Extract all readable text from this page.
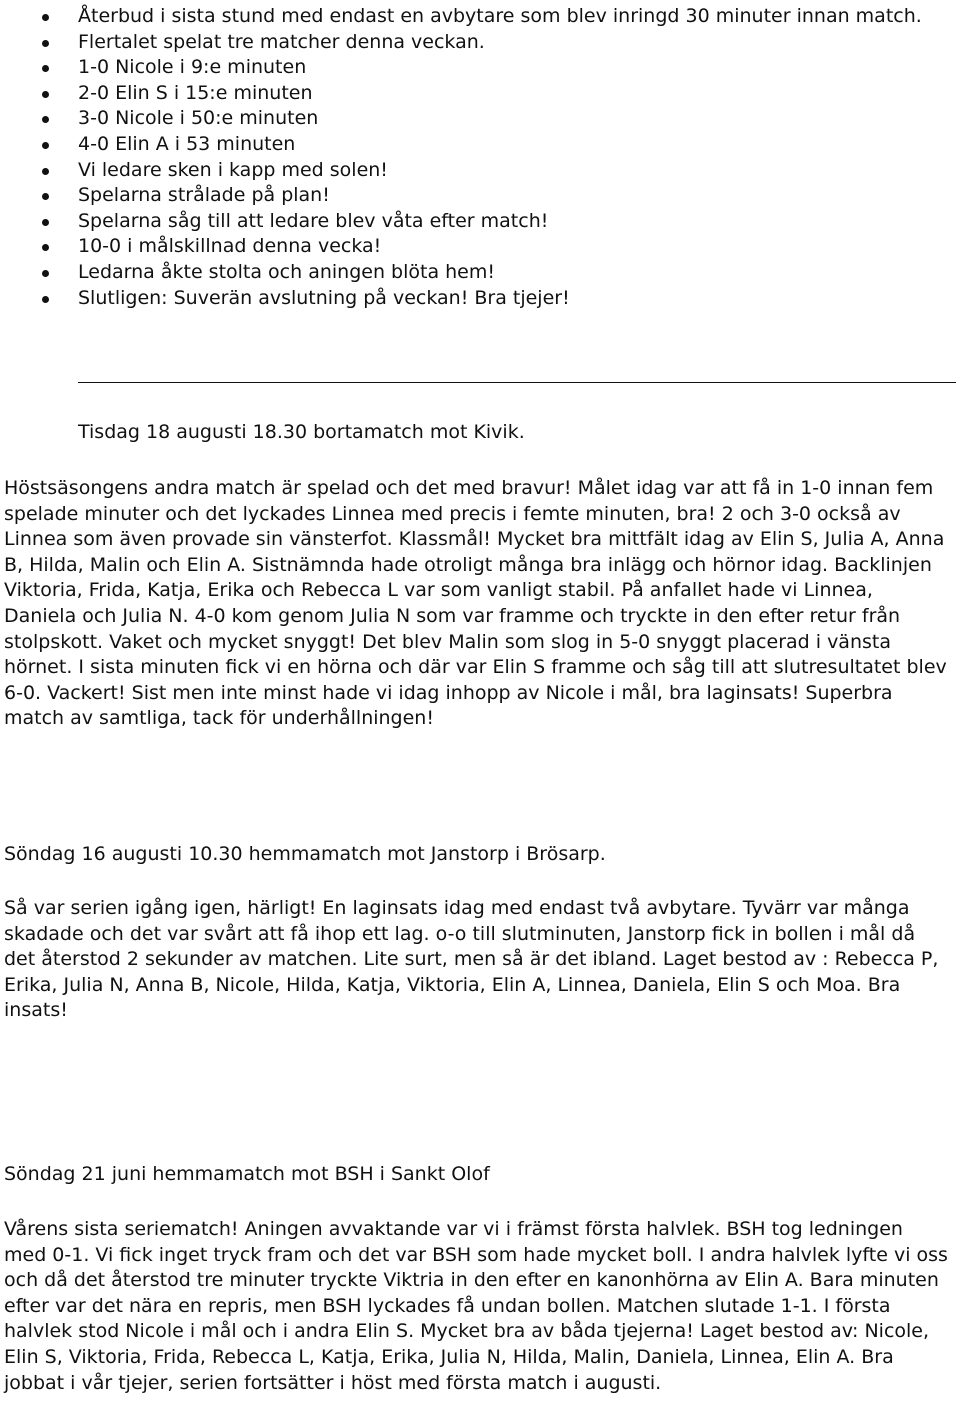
Återbud i sista stund med endast en avbytare som blev inringd 30 minuter innan match.
Flertalet spelat tre matcher denna veckan.
1-0 Nicole i 9:e minuten
2-0 Elin S i 15:e minuten
3-0 Nicole i 50:e minuten
4-0 Elin A i 53 minuten
Vi ledare sken i kapp med solen!
Spelarna strålade på plan!
Spelarna såg till att ledare blev våta efter match!
10-0 i målskillnad denna vecka!
Ledarna åkte stolta och aningen blöta hem!
Slutligen: Suverän avslutning på veckan! Bra tjejer!
Tisdag 18 augusti 18.30 bortamatch mot Kivik.

Höstsäsongens andra match är spelad och det med bravur! Målet idag var att få in 1-0 innan fem spelade minuter och det lyckades Linnea med precis i femte minuten, bra! 2 och 3-0 också av Linnea som även provade sin vänsterfot. Klassmål! Mycket bra mittfält idag av Elin S, Julia A, Anna B, Hilda, Malin och Elin A. Sistnämnda hade otroligt många bra inlägg och hörnor idag. Backlinjen Viktoria, Frida, Katja, Erika och Rebecca L var som vanligt stabil. På anfallet hade vi Linnea, Daniela och Julia N. 4-0 kom genom Julia N som var framme och tryckte in den efter retur från stolpskott. Vaket och mycket snyggt! Det blev Malin som slog in 5-0 snyggt placerad i vänsta hörnet. I sista minuten fick vi en hörna och där var Elin S framme och såg till att slutresultatet blev 6-0. Vackert! Sist men inte minst hade vi idag inhopp av Nicole i mål, bra laginsats! Superbra match av samtliga, tack för underhållningen!

Söndag 16 augusti 10.30 hemmamatch mot Janstorp i Brösarp.

Så var serien igång igen, härligt! En laginsats idag med endast två avbytare. Tyvärr var många skadade och det var svårt att få ihop ett lag. o-o till slutminuten, Janstorp fick in bollen i mål då det återstod 2 sekunder av matchen. Lite surt, men så är det ibland. Laget bestod av : Rebecca P, Erika, Julia N, Anna B, Nicole, Hilda, Katja, Viktoria, Elin A, Linnea, Daniela, Elin S och Moa. Bra insats!

Söndag 21 juni hemmamatch mot BSH i Sankt Olof

Vårens sista seriematch! Aningen avvaktande var vi i främst första halvlek. BSH tog ledningen med 0-1. Vi fick inget tryck fram och det var BSH som hade mycket boll. I andra halvlek lyfte vi oss och då det återstod tre minuter tryckte Viktria in den efter en kanonhörna av Elin A. Bara minuten efter var det nära en repris, men BSH lyckades få undan bollen. Matchen slutade 1-1. I första halvlek stod Nicole i mål och i andra Elin S. Mycket bra av båda tjejerna! Laget bestod av: Nicole, Elin S, Viktoria, Frida, Rebecca L, Katja, Erika, Julia N, Hilda, Malin, Daniela, Linnea, Elin A. Bra jobbat i vår tjejer, serien fortsätter i höst med första match i augusti.
